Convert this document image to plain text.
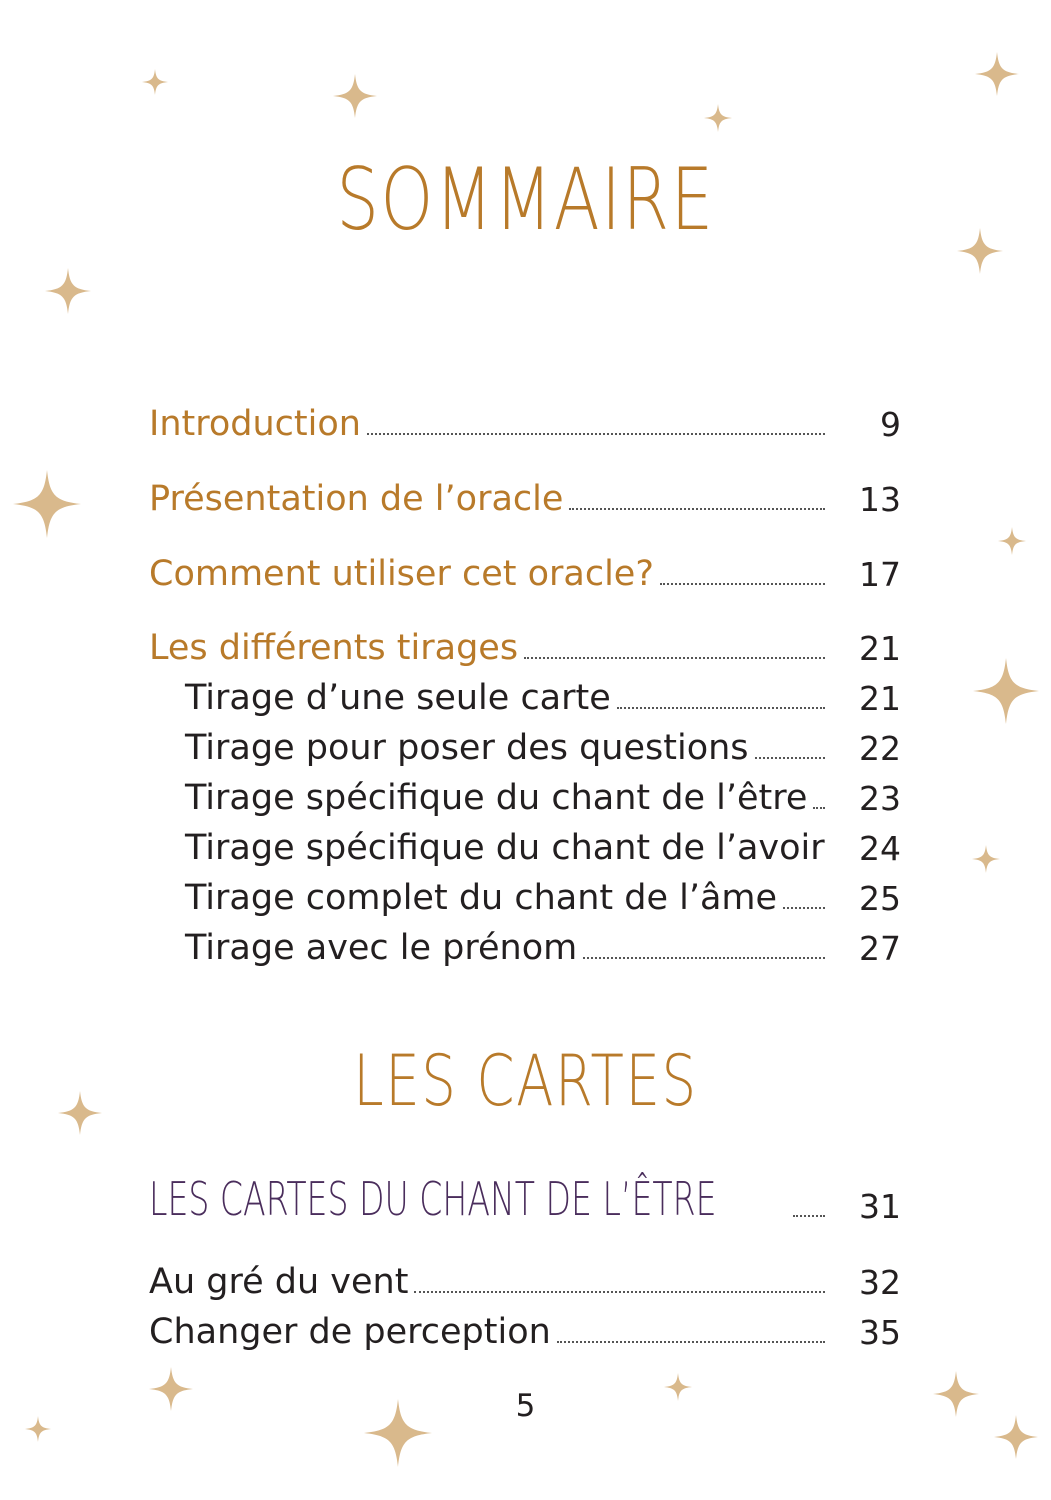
SOMMAIRE
Introduction	9
Présentation de l’oracle	13
Comment utiliser cet oracle?	17
Les différents tirages	21
Tirage d’une seule carte	21
Tirage pour poser des questions	22
Tirage spécifique du chant de l’être	23
Tirage spécifique du chant de l’avoir	24
Tirage complet du chant de l’âme	25
Tirage avec le prénom	27
LES CARTES
LES CARTES DU CHANT DE L’ÊTRE	31
Au gré du vent	32
Changer de perception	35
5
